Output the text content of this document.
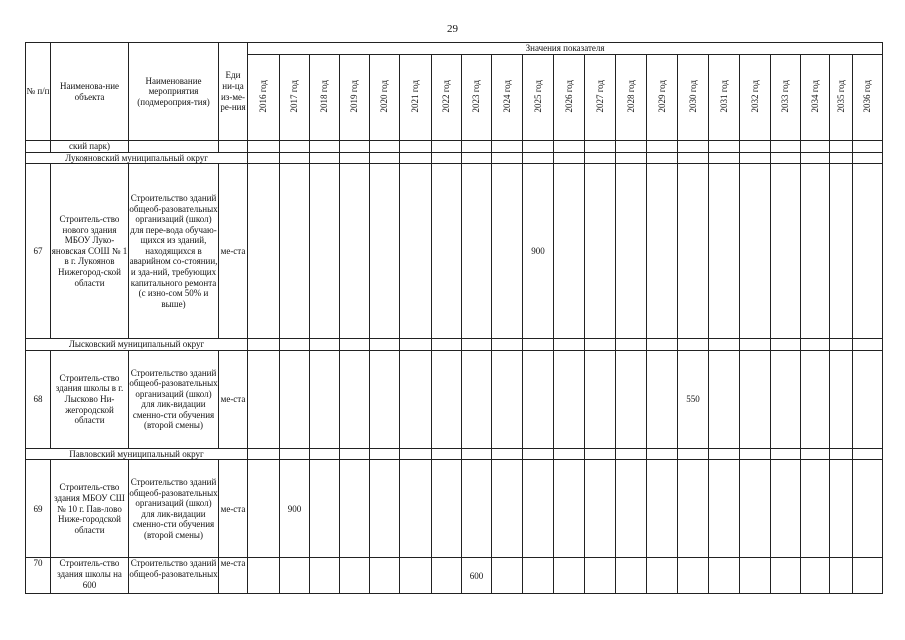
29
№ п/п	Наименова-ние объекта	Наименование мероприятия (подмероприя-тия)	Еди ни-ца из-ме-ре-ния	Значения показателя																				
				2016 год	2017 год	2018 год	2019 год	2020 год	2021 год	2022 год	2023 год	2024 год	2025 год	2026 год	2027 год	2028 год	2029 год	2030 год	2031 год	2032 год	2033 год	2034 год	2035 год	2036 год
	ский парк)																							
Лукояновский муниципальный округ																								
67	Строитель-ство нового здания МБОУ Луко-яновская СОШ № 1 в г. Лукоянов Нижегород-ской области	Строительство зданий общеоб-разовательных организаций (школ) для пере-вода обучаю-щихся из зданий, находящихся в аварийном со-стоянии, и зда-ний, требующих капитального ремонта (с изно-сом 50% и выше)	ме-ста										900											
Лысковский муниципальный округ																								
68	Строитель-ство здания школы в г. Лысково Ни-жегородской области	Строительство зданий общеоб-разовательных организаций (школ) для лик-видации сменно-сти обучения (второй смены)	ме-ста															550						
Павловский муниципальный округ																								
69	Строитель-ство здания МБОУ СШ № 10 г. Пав-лово Ниже-городской области	Строительство зданий общеоб-разовательных организаций (школ) для лик-видации сменно-сти обучения (второй смены)	ме-ста		900																			
70	Строитель-ство здания школы на 600	Строительство зданий общеоб-разовательных	ме-ста								600													
